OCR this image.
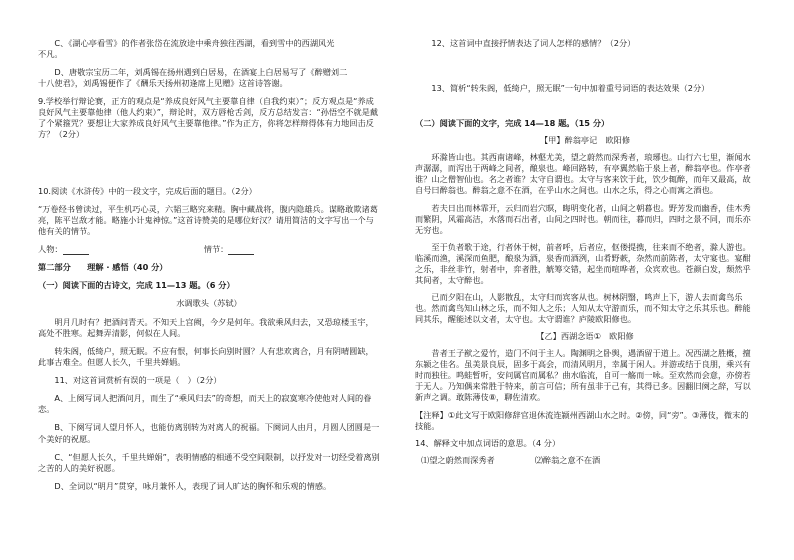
C、《湖心亭看雪》的作者张岱在流放途中乘舟独往西湖，看到雪中的西湖风光
不凡。
D、唐敬宗宝历二年，刘禹锡在扬州遇到白居易，在酒宴上白居易写了《醉赠刘二
十八使君》，刘禹锡便作了《酬乐天扬州初逢席上见赠》这首诗答谢。
9.学校举行辩论赛，正方的观点是“养成良好风气主要靠自律（自我约束）”；反方观点是“养成良好风气主要靠他律（他人约束）”，辩论时，双方唇枪舌剑，反方总结发言：“孙悟空不就是戴了个紧箍咒？要想让大家养成良好风气主要靠他律。”作为正方，你将怎样辩得体有力地回击反方？（2分）
10.阅读《水浒传》中的一段文字，完成后面的题目。（2分）
“万卷经书曾读过，平生机巧心灵，六韬三略究来精。胸中藏战将，腹内隐雄兵。谋略敢欺诸葛亮，陈平岂敌才能。略施小计鬼神惊。”这首诗赞美的是哪位好汉？请用简洁的文字写出一个与他有关的情节。
人物：	情节：
第二部分　　理解 · 感悟（40 分）
（一）阅读下面的古诗文，完成 11—13 题。（6 分）
水调歌头（苏轼）
明月几时有？把酒问青天。不知天上宫阙，今夕是何年。我欲乘风归去，又恐琼楼玉宇，高处不胜寒。起舞弄清影，何似在人间。
转朱阁，低绮户，照无眠。不应有恨，何事长向别时圆？人有悲欢离合，月有阴晴圆缺，此事古难全。但愿人长久，千里共婵娟。
11、对这首词赏析有误的一项是（　）（2分）
A、上阕写词人把酒问月，而生了“乘风归去”的奇想，而天上的寂寞寒冷使他对人间的眷恋。
B、下阕写词人望月怀人，也能仿离别转为对离人的祝福。下阕词人由月，月圆人团圆是一个美好的祝愿。
C、“但愿人长久，千里共婵娟”，表明情感的相通不受空间限制，以抒发对一切经受着离别之苦的人的美好祝愿。
D、全词以“明月”贯穿，咏月兼怀人，表现了词人旷达的胸怀和乐观的情感。
12、这首词中直接抒情表达了词人怎样的感情？（2分）
13、简析“转朱阁，低绮户，照无眠”一句中加着重号词语的表达效果（2分）
（二）阅读下面的文字，完成 14—18 题。（15 分）
【甲】醉翁亭记　欧阳修
环滁皆山也。其西南诸峰，林壑尤美，望之蔚然而深秀者，琅琊也。山行六七里，渐闻水声潺潺，而泻出于两峰之间者，酿泉也。峰回路转，有亭翼然临于泉上者，醉翁亭也。作亭者谁？山之僧智仙也。名之者谁？太守自谓也。太守与客来饮于此，饮少辄醉，而年又最高，故自号曰醉翁也。醉翁之意不在酒，在乎山水之间也。山水之乐，得之心而寓之酒也。
若夫日出而林霏开，云归而岩穴暝，晦明变化者，山间之朝暮也。野芳发而幽香，佳木秀而繁阴，风霜高洁，水落而石出者，山间之四时也。朝而往，暮而归，四时之景不同，而乐亦无穷也。
至于负者歌于途，行者休于树，前者呼，后者应，伛偻提携，往来而不绝者，滁人游也。临溪而渔，溪深而鱼肥，酿泉为酒，泉香而酒洌，山肴野蔌，杂然而前陈者，太守宴也。宴酣之乐，非丝非竹，射者中，弈者胜，觥筹交错，起坐而喧哗者，众宾欢也。苍颜白发，颓然乎其间者，太守醉也。
已而夕阳在山，人影散乱，太守归而宾客从也。树林阴翳，鸣声上下，游人去而禽鸟乐也。然而禽鸟知山林之乐，而不知人之乐；人知从太守游而乐，而不知太守之乐其乐也。醉能同其乐，醒能述以文者，太守也。太守谓谁？庐陵欧阳修也。
【乙】西湖念语①　欧阳修
昔者王子猷之爱竹，造门不问于主人。陶渊明之卧舆，遇酒留于道上。况西湖之胜概，擅东颍之佳名。虽美景良辰，固多于高会，而清风明月，幸属于闲人。并游或结于良朋，乘兴有时而独往。鸣蛙暂听，安问属官而属私？曲水临流，自可一觞而一咏。至欢然而会意，亦傍若于无人。乃知偶来常胜于特来，前言可信；所有虽非于己有，其得已多。因翻旧阕之辞，写以新声之调。敢陈薄伎⑧，聊佐清欢。
【注释】①此文写于欧阳修辞官退休流连颍州西湖山水之时。②傍，同“旁”。③薄伎，微末的技能。
14、解释文中加点词语的意思。（4 分）
⑴望之蔚然而深秀者	⑵醉翁之意不在酒
